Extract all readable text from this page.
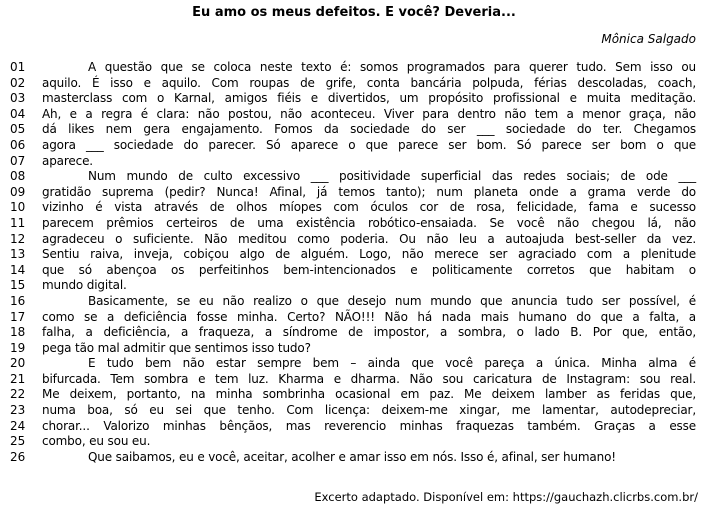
Eu amo os meus defeitos. E você? Deveria...
Mônica Salgado
01	A questão que se coloca neste texto é: somos programados para querer tudo. Sem isso ou
02	aquilo. É isso e aquilo. Com roupas de grife, conta bancária polpuda, férias descoladas, coach,
03	masterclass com o Karnal, amigos fiéis e divertidos, um propósito profissional e muita meditação.
04	Ah, e a regra é clara: não postou, não aconteceu. Viver para dentro não tem a menor graça, não
05	dá likes nem gera engajamento. Fomos da sociedade do ser ___ sociedade do ter. Chegamos
06	agora ___ sociedade do parecer. Só aparece o que parece ser bom. Só parece ser bom o que
07	aparece.
08	Num mundo de culto excessivo ___ positividade superficial das redes sociais; de ode ___
09	gratidão suprema (pedir? Nunca! Afinal, já temos tanto); num planeta onde a grama verde do
10	vizinho é vista através de olhos míopes com óculos cor de rosa, felicidade, fama e sucesso
11	parecem prêmios certeiros de uma existência robótico-ensaiada. Se você não chegou lá, não
12	agradeceu o suficiente. Não meditou como poderia. Ou não leu a autoajuda best-seller da vez.
13	Sentiu raiva, inveja, cobiçou algo de alguém. Logo, não merece ser agraciado com a plenitude
14	que só abençoa os perfeitinhos bem-intencionados e politicamente corretos que habitam o
15	mundo digital.
16	Basicamente, se eu não realizo o que desejo num mundo que anuncia tudo ser possível, é
17	como se a deficiência fosse minha. Certo? NÃO!!! Não há nada mais humano do que a falta, a
18	falha, a deficiência, a fraqueza, a síndrome de impostor, a sombra, o lado B. Por que, então,
19	pega tão mal admitir que sentimos isso tudo?
20	E tudo bem não estar sempre bem – ainda que você pareça a única. Minha alma é
21	bifurcada. Tem sombra e tem luz. Kharma e dharma. Não sou caricatura de Instagram: sou real.
22	Me deixem, portanto, na minha sombrinha ocasional em paz. Me deixem lamber as feridas que,
23	numa boa, só eu sei que tenho. Com licença: deixem-me xingar, me lamentar, autodepreciar,
24	chorar... Valorizo minhas bênçãos, mas reverencio minhas fraquezas também. Graças a esse
25	combo, eu sou eu.
26	Que saibamos, eu e você, aceitar, acolher e amar isso em nós. Isso é, afinal, ser humano!
Excerto adaptado. Disponível em: https://gauchazh.clicrbs.com.br/
